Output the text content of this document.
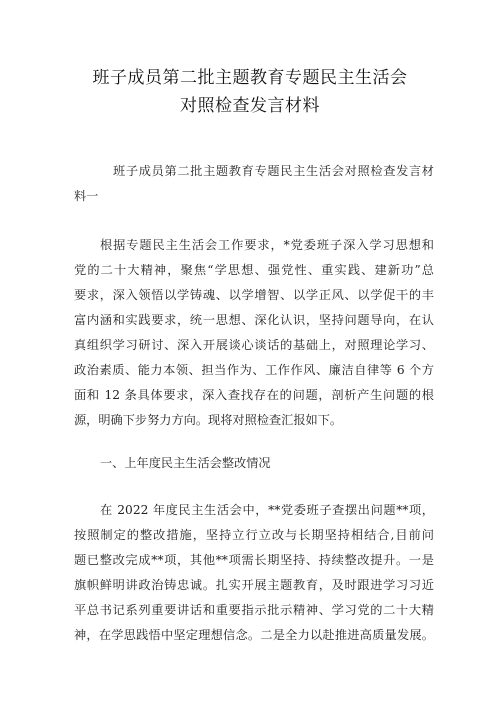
班子成员第二批主题教育专题民主生活会
对照检查发言材料
班子成员第二批主题教育专题民主生活会对照检查发言材
料一
根据专题民主生活会工作要求，*党委班子深入学习思想和
党的二十大精神，聚焦“学思想、强党性、重实践、建新功”总
要求，深入领悟以学铸魂、以学增智、以学正风、以学促干的丰
富内涵和实践要求，统一思想、深化认识，坚持问题导向，在认
真组织学习研讨、深入开展谈心谈话的基础上，对照理论学习、
政治素质、能力本领、担当作为、工作作风、廉洁自律等 6 个方
面和 12 条具体要求，深入查找存在的问题，剖析产生问题的根
源，明确下步努力方向。现将对照检查汇报如下。
一、上年度民主生活会整改情况
在 2022 年度民主生活会中，**党委班子查摆出问题**项，
按照制定的整改措施，坚持立行立改与长期坚持相结合,目前问
题已整改完成**项，其他**项需长期坚持、持续整改提升。一是
旗帜鲜明讲政治铸忠诚。扎实开展主题教育，及时跟进学习习近
平总书记系列重要讲话和重要指示批示精神、学习党的二十大精
神，在学思践悟中坚定理想信念。二是全力以赴推进高质量发展。
